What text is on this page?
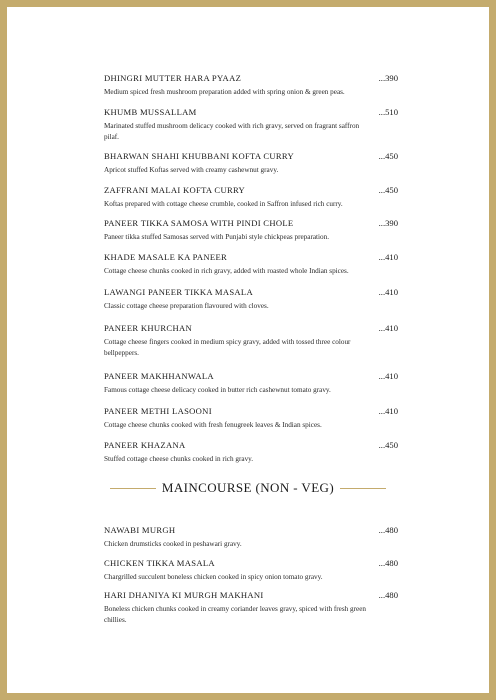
DHINGRI MUTTER HARA PYAAZ	...390
Medium spiced fresh mushroom preparation added with spring onion & green peas.
KHUMB MUSSALLAM	...510
Marinated stuffed mushroom delicacy cooked with rich gravy, served on fragrant saffron pilaf.
BHARWAN SHAHI KHUBBANI KOFTA CURRY	...450
Apricot stuffed Koftas served with creamy cashewnut gravy.
ZAFFRANI MALAI KOFTA CURRY	...450
Koftas prepared with cottage cheese crumble, cooked in Saffron infused rich curry.
PANEER TIKKA SAMOSA WITH PINDI CHOLE	...390
Paneer tikka stuffed Samosas served with Punjabi style chickpeas preparation.
KHADE MASALE KA PANEER	...410
Cottage cheese chunks cooked in rich gravy, added with roasted whole Indian spices.
LAWANGI PANEER TIKKA MASALA	...410
Classic cottage cheese preparation flavoured with cloves.
PANEER KHURCHAN	...410
Cottage cheese fingers cooked in medium spicy gravy, added with tossed three colour bellpeppers.
PANEER MAKHHANWALA	...410
Famous cottage cheese delicacy cooked in butter rich cashewnut tomato gravy.
PANEER METHI LASOONI	...410
Cottage cheese chunks cooked with fresh fenugreek leaves & Indian spices.
PANEER KHAZANA	...450
Stuffed cottage cheese chunks cooked in rich gravy.
MAINCOURSE (NON - VEG)
NAWABI MURGH	...480
Chicken drumsticks cooked in peshawari gravy.
CHICKEN TIKKA MASALA	...480
Chargrilled succulent boneless chicken cooked in spicy onion tomato gravy.
HARI DHANIYA KI MURGH MAKHANI	...480
Boneless chicken chunks cooked in creamy coriander leaves gravy, spiced with fresh green chillies.
